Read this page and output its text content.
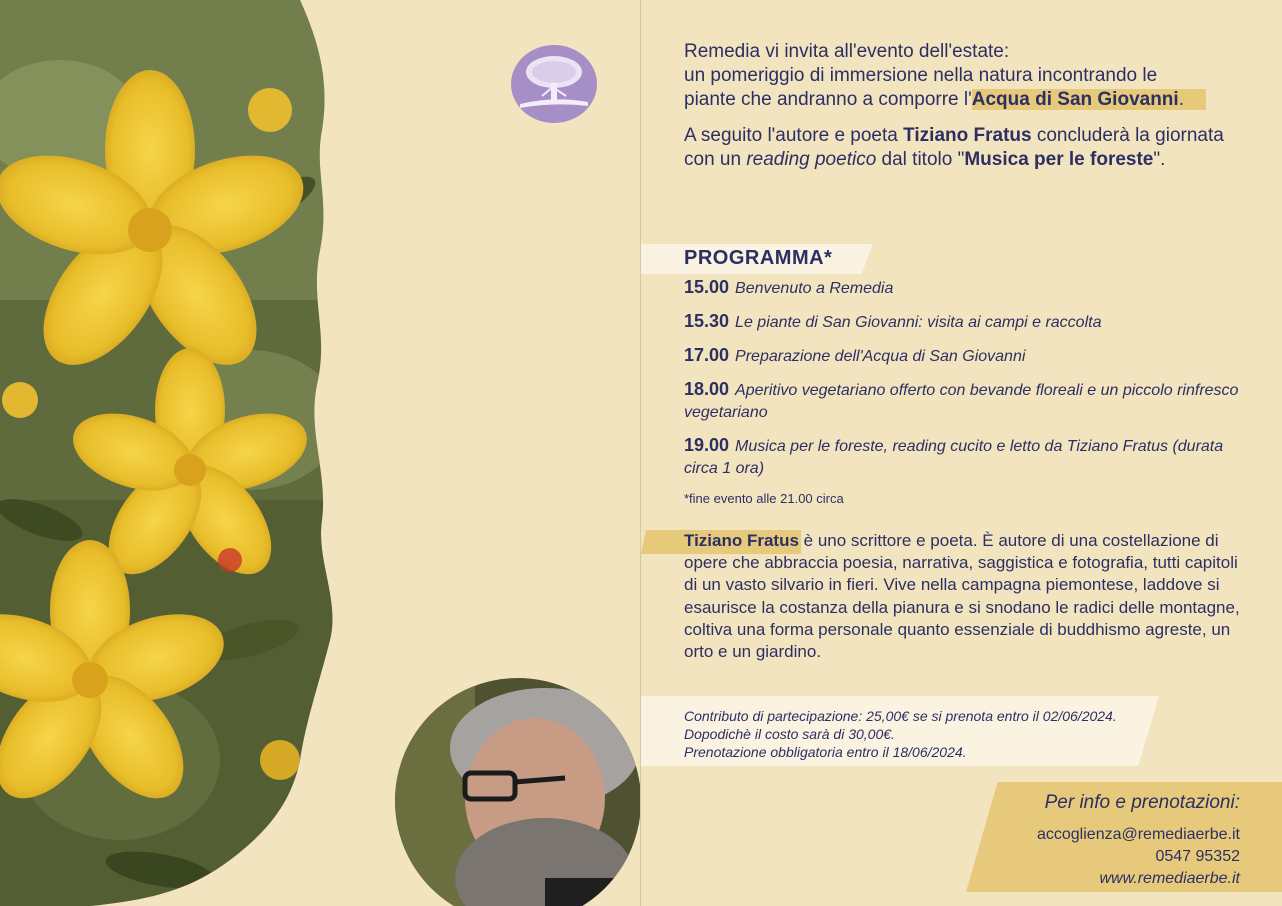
Remedia vi invita all'evento dell'estate:
un pomeriggio di immersione nella natura incontrando le
piante che andranno a comporre l'Acqua di San Giovanni.

A seguito l'autore e poeta Tiziano Fratus concluderà la giornata con un reading poetico dal titolo "Musica per le foreste".

PROGRAMMA*
15.00 Benvenuto a Remedia
15.30 Le piante di San Giovanni: visita ai campi e raccolta
17.00 Preparazione dell'Acqua di San Giovanni
18.00 Aperitivo vegetariano offerto con bevande floreali e un piccolo rinfresco vegetariano
19.00 Musica per le foreste, reading cucito e letto da Tiziano Fratus (durata circa 1 ora)
*fine evento alle 21.00 circa
Tiziano Fratus è uno scrittore e poeta. È autore di una costellazione di opere che abbraccia poesia, narrativa, saggistica e fotografia, tutti capitoli di un vasto silvario in fieri. Vive nella campagna piemontese, laddove si esaurisce la costanza della pianura e si snodano le radici delle montagne, coltiva una forma personale quanto essenziale di buddhismo agreste, un orto e un giardino.
Contributo di partecipazione: 25,00€ se si prenota entro il 02/06/2024.
Dopodichè il costo sarà di 30,00€.
Prenotazione obbligatoria entro il 18/06/2024.
Per info e prenotazioni:
accoglienza@remediaerbe.it
0547 95352
www.remediaerbe.it
